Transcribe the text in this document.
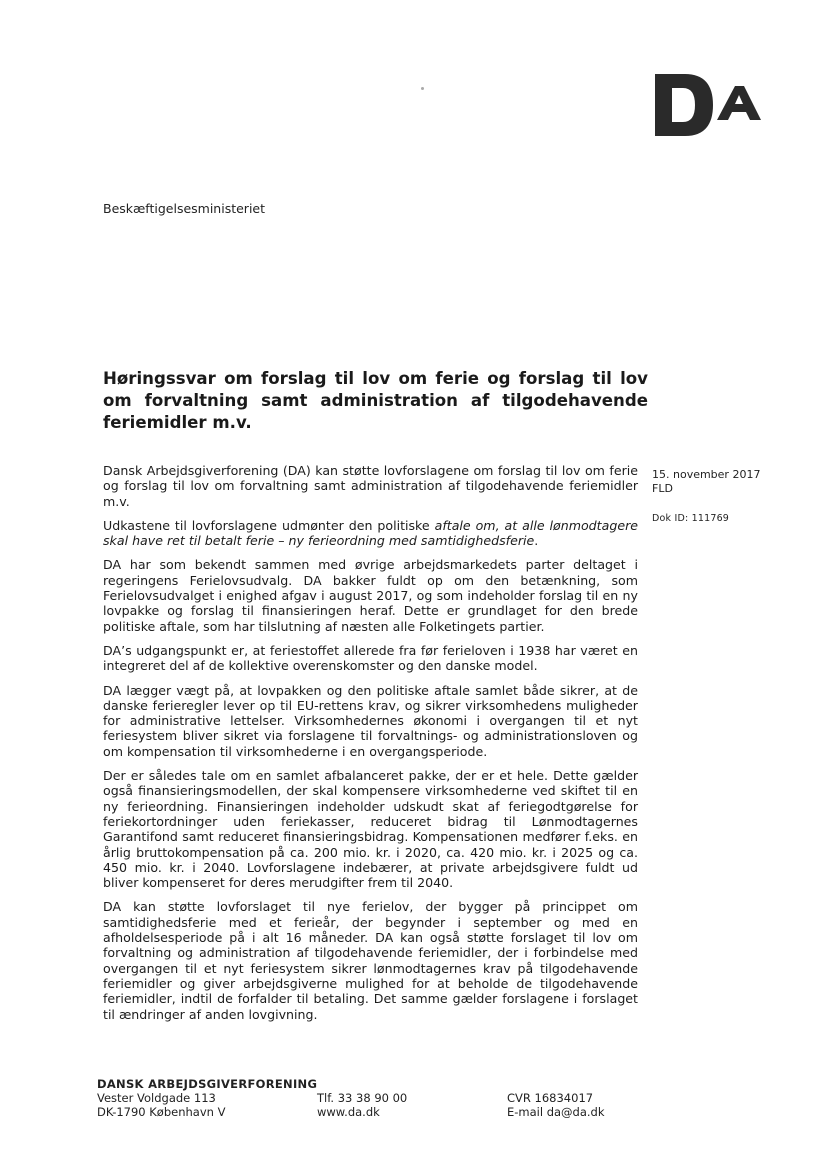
Beskæftigelsesministeriet
Høringssvar om forslag til lov om ferie og forslag til lov om forvaltning samt administration af tilgodehavende feriemidler m.v.

Dansk Arbejdsgiverforening (DA) kan støtte lovforslagene om forslag til lov om ferie og forslag til lov om forvaltning samt administration af tilgodehavende feriemidler m.v.

Udkastene til lovforslagene udmønter den politiske aftale om, at alle lønmodtagere skal have ret til betalt ferie – ny ferieordning med samtidighedsferie.

DA har som bekendt sammen med øvrige arbejdsmarkedets parter deltaget i regeringens Ferielovsudvalg. DA bakker fuldt op om den betænkning, som Ferielovsudvalget i enighed afgav i august 2017, og som indeholder forslag til en ny lovpakke og forslag til finansieringen heraf. Dette er grundlaget for den brede politiske aftale, som har tilslutning af næsten alle Folketingets partier.

DA’s udgangspunkt er, at feriestoffet allerede fra før ferieloven i 1938 har været en integreret del af de kollektive overenskomster og den danske model.

DA lægger vægt på, at lovpakken og den politiske aftale samlet både sikrer, at de danske ferieregler lever op til EU-rettens krav, og sikrer virksomhedens muligheder for administrative lettelser. Virksomhedernes økonomi i overgangen til et nyt feriesystem bliver sikret via forslagene til forvaltnings- og administrationsloven og om kompensation til virksomhederne i en overgangsperiode.

Der er således tale om en samlet afbalanceret pakke, der er et hele. Dette gælder også finansieringsmodellen, der skal kompensere virksomhederne ved skiftet til en ny ferieordning. Finansieringen indeholder udskudt skat af feriegodtgørelse for feriekortordninger uden feriekasser, reduceret bidrag til Lønmodtagernes Garantifond samt reduceret finansieringsbidrag. Kompensationen medfører f.eks. en årlig bruttokompensation på ca. 200 mio. kr. i 2020, ca. 420 mio. kr. i 2025 og ca. 450 mio. kr. i 2040. Lovforslagene indebærer, at private arbejdsgivere fuldt ud bliver kompenseret for deres merudgifter frem til 2040.

DA kan støtte lovforslaget til nye ferielov, der bygger på princippet om samtidighedsferie med et ferieår, der begynder i september og med en afholdelsesperiode på i alt 16 måneder. DA kan også støtte forslaget til lov om forvaltning og administration af tilgodehavende feriemidler, der i forbindelse med overgangen til et nyt feriesystem sikrer lønmodtagernes krav på tilgodehavende feriemidler og giver arbejdsgiverne mulighed for at beholde de tilgodehavende feriemidler, indtil de forfalder til betaling. Det samme gælder forslagene i forslaget til ændringer af anden lovgivning.

15. november 2017
FLD
Dok ID: 111769
DANSK ARBEJDSGIVERFORENING
Vester Voldgade 113
DK-1790 København V
Tlf. 33 38 90 00
www.da.dk
CVR 16834017
E-mail da@da.dk
